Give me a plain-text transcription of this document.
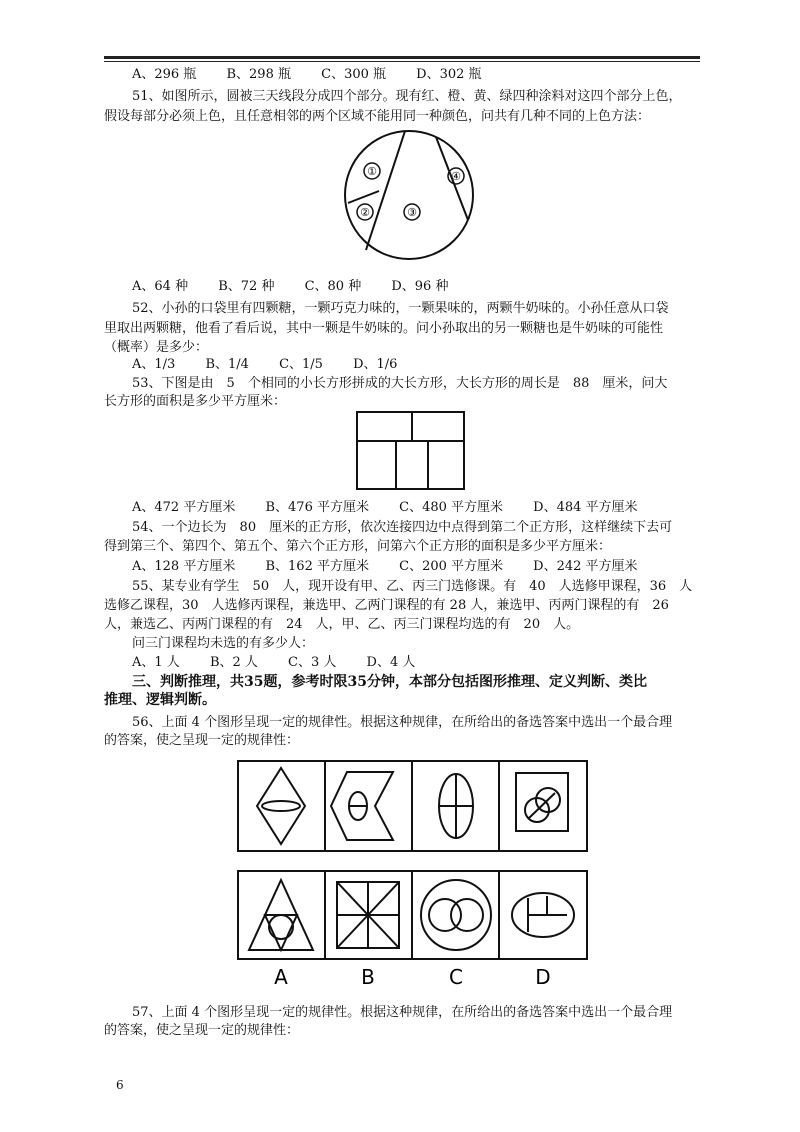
A、296 瓶 B、298 瓶 C、300 瓶 D、302 瓶
51、如图所示，圆被三天线段分成四个部分。现有红、橙、黄、绿四种涂料对这四个部分上色，
假设每部分必须上色，且任意相邻的两个区域不能用同一种颜色，问共有几种不同的上色方法：
①
②	③
④
A、64 种 B、72 种 C、80 种 D、96 种
52、小孙的口袋里有四颗糖，一颗巧克力味的，一颗果味的，两颗牛奶味的。小孙任意从口袋
里取出两颗糖，他看了看后说，其中一颗是牛奶味的。问小孙取出的另一颗糖也是牛奶味的可能性
（概率）是多少：
A、1/3 B、1/4 C、1/5 D、1/6
53、下图是由　5　个相同的小长方形拼成的大长方形，大长方形的周长是　88　厘米，问大
长方形的面积是多少平方厘米：
A、472 平方厘米 B、476 平方厘米 C、480 平方厘米 D、484 平方厘米
54、一个边长为　80　厘米的正方形，依次连接四边中点得到第二个正方形，这样继续下去可
得到第三个、第四个、第五个、第六个正方形，问第六个正方形的面积是多少平方厘米：
A、128 平方厘米 B、162 平方厘米 C、200 平方厘米 D、242 平方厘米
55、某专业有学生　50　人，现开设有甲、乙、丙三门选修课。有　40　人选修甲课程，36　人
选修乙课程，30　人选修丙课程，兼选甲、乙两门课程的有 28 人，兼选甲、丙两门课程的有　26
人，兼选乙、丙两门课程的有　24　人，甲、乙、丙三门课程均选的有　20　人。
问三门课程均未选的有多少人：
A、1 人 B、2 人 C、3 人 D、4 人
三、判断推理，共35题，参考时限35分钟，本部分包括图形推理、定义判断、类比
推理、逻辑判断。
56、上面 4 个图形呈现一定的规律性。根据这种规律，在所给出的备选答案中选出一个最合理
的答案，使之呈现一定的规律性：
A	B	C	D
57、上面 4 个图形呈现一定的规律性。根据这种规律，在所给出的备选答案中选出一个最合理
的答案，使之呈现一定的规律性：
6
